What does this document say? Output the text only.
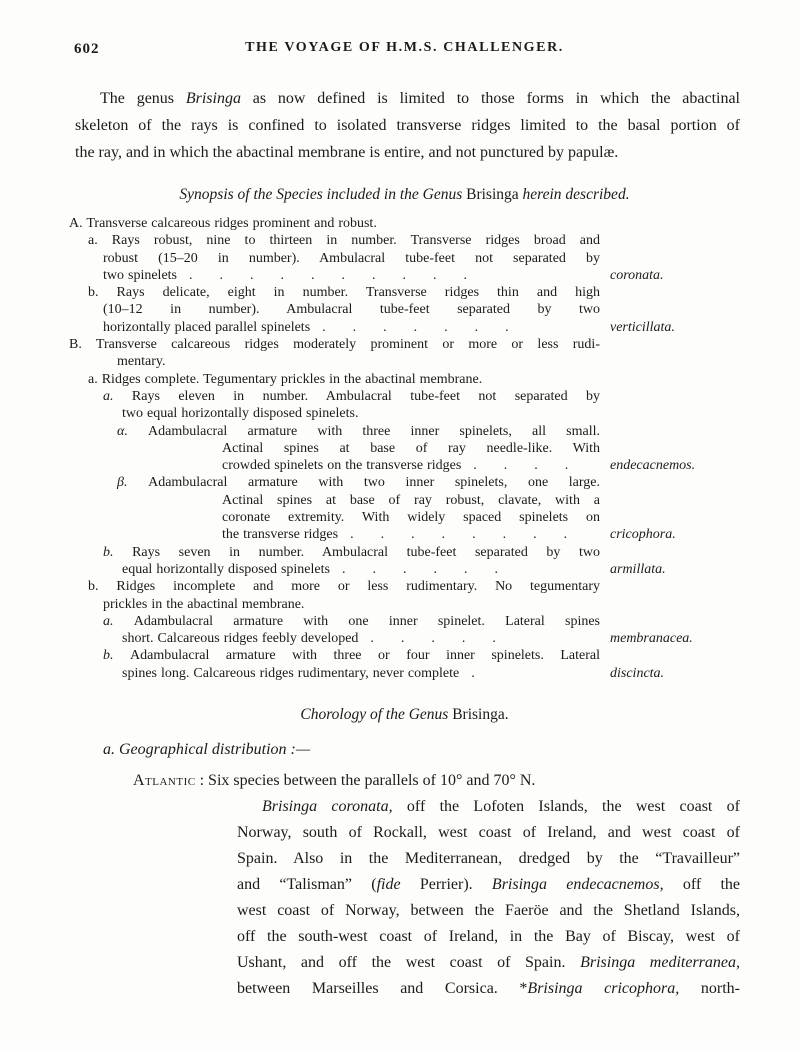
602	THE VOYAGE OF H.M.S. CHALLENGER.
The genus Brisinga as now defined is limited to those forms in which the abactinal
skeleton of the rays is confined to isolated transverse ridges limited to the basal portion of
the ray, and in which the abactinal membrane is entire, and not punctured by papulæ.
Synopsis of the Species included in the Genus Brisinga herein described.
A. Transverse calcareous ridges prominent and robust.
a. Rays robust, nine to thirteen in number. Transverse ridges broad and
robust (15–20 in number). Ambulacral tube-feet not separated by
two spinelets ..........	coronata.
b. Rays delicate, eight in number. Transverse ridges thin and high
(10–12 in number). Ambulacral tube-feet separated by two
horizontally placed parallel spinelets .......	verticillata.
B. Transverse calcareous ridges moderately prominent or more or less rudi-
mentary.
a. Ridges complete. Tegumentary prickles in the abactinal membrane.
a. Rays eleven in number. Ambulacral tube-feet not separated by
two equal horizontally disposed spinelets.
α. Adambulacral armature with three inner spinelets, all small.
Actinal spines at base of ray needle-like. With
crowded spinelets on the transverse ridges ....	endecacnemos.
β. Adambulacral armature with two inner spinelets, one large.
Actinal spines at base of ray robust, clavate, with a
coronate extremity. With widely spaced spinelets on
the transverse ridges ........	cricophora.
b. Rays seven in number. Ambulacral tube-feet separated by two
equal horizontally disposed spinelets ......	armillata.
b. Ridges incomplete and more or less rudimentary. No tegumentary
prickles in the abactinal membrane.
a. Adambulacral armature with one inner spinelet. Lateral spines
short. Calcareous ridges feebly developed .....	membranacea.
b. Adambulacral armature with three or four inner spinelets. Lateral
spines long. Calcareous ridges rudimentary, never complete .	discincta.
Chorology of the Genus Brisinga.
a. Geographical distribution :—
Atlantic : Six species between the parallels of 10° and 70° N.
Brisinga coronata, off the Lofoten Islands, the west coast of
Norway, south of Rockall, west coast of Ireland, and west coast of
Spain. Also in the Mediterranean, dredged by the “Travailleur”
and “Talisman” (fide Perrier). Brisinga endecacnemos, off the
west coast of Norway, between the Faeröe and the Shetland Islands,
off the south-west coast of Ireland, in the Bay of Biscay, west of
Ushant, and off the west coast of Spain. Brisinga mediterranea,
between Marseilles and Corsica. *Brisinga cricophora, north-
